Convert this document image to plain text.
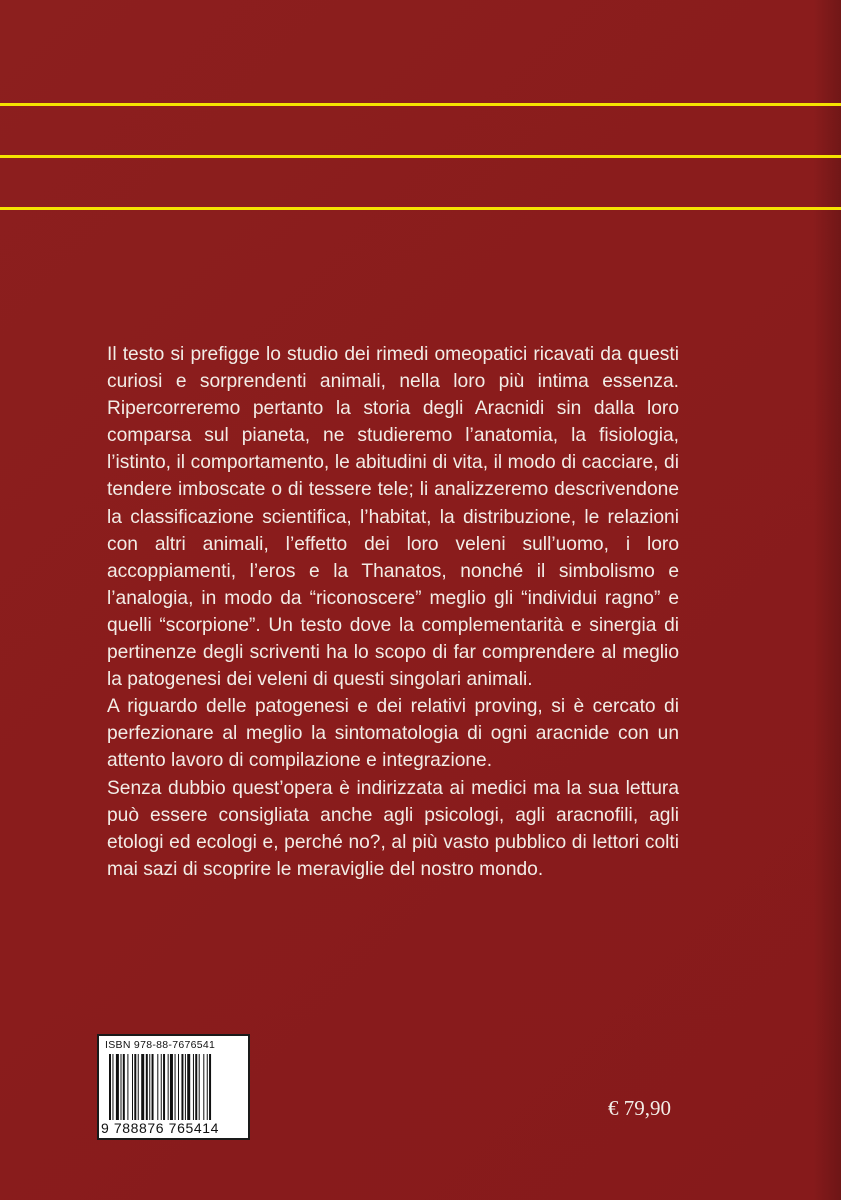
Il testo si prefigge lo studio dei rimedi omeopatici ricavati da questi curiosi e sorprendenti animali, nella loro più intima essenza. Ripercorreremo pertanto la storia degli Aracnidi sin dalla loro comparsa sul pianeta, ne studieremo l’anatomia, la fisiologia, l’istinto, il comportamento, le abitudini di vita, il modo di cacciare, di tendere imboscate o di tessere tele; li analizzeremo descrivendone la classificazione scientifica, l’habitat, la distribuzione, le relazioni con altri animali, l’effetto dei loro veleni sull’uomo, i loro accoppiamenti, l’eros e la Thanatos, nonché il simbolismo e l’analogia, in modo da “riconoscere” meglio gli “individui ragno” e quelli “scorpione”. Un testo dove la complementarità e sinergia di pertinenze degli scriventi ha lo scopo di far comprendere al meglio la patogenesi dei veleni di questi singolari animali.

A riguardo delle patogenesi e dei relativi proving, si è cercato di perfezionare al meglio la sintomatologia di ogni aracnide con un attento lavoro di compilazione e integrazione.

Senza dubbio quest’opera è indirizzata ai medici ma la sua lettura può essere consigliata anche agli psicologi, agli aracnofili, agli etologi ed ecologi e, perché no?, al più vasto pubblico di lettori colti mai sazi di scoprire le meraviglie del nostro mondo.

ISBN 978-88-7676541
9 788876 765414
€ 79,90
